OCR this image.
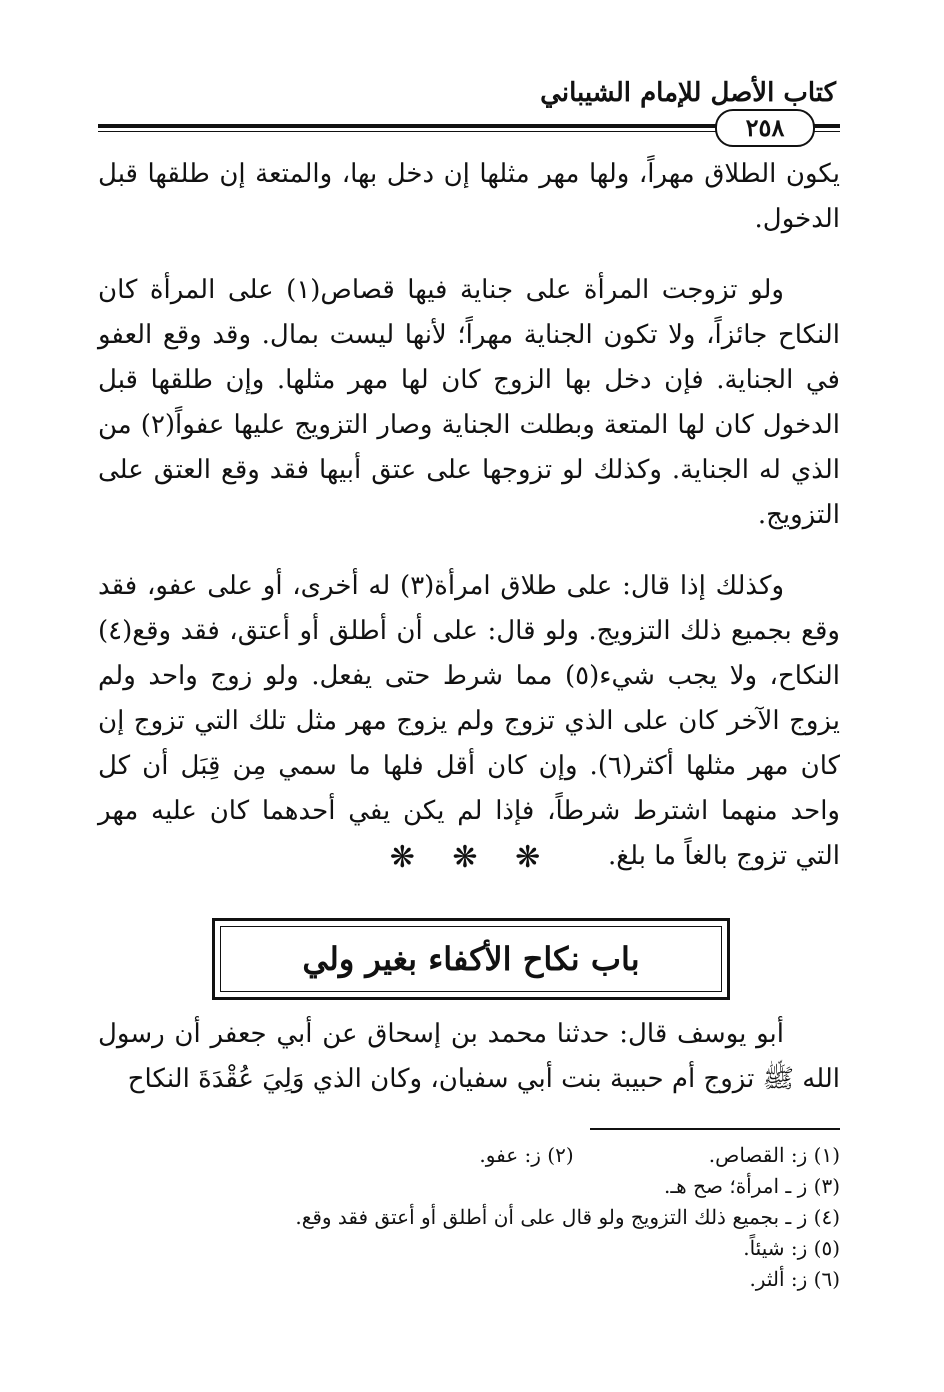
كتاب الأصل للإمام الشيباني
٢٥٨

يكون الطلاق مهراً، ولها مهر مثلها إن دخل بها، والمتعة إن طلقها قبل الدخول.

ولو تزوجت المرأة على جناية فيها قصاص(١) على المرأة كان النكاح جائزاً، ولا تكون الجناية مهراً؛ لأنها ليست بمال. وقد وقع العفو في الجناية. فإن دخل بها الزوج كان لها مهر مثلها. وإن طلقها قبل الدخول كان لها المتعة وبطلت الجناية وصار التزويج عليها عفواً(٢) من الذي له الجناية. وكذلك لو تزوجها على عتق أبيها فقد وقع العتق على التزويج.

وكذلك إذا قال: على طلاق امرأة(٣) له أخرى، أو على عفو، فقد وقع بجميع ذلك التزويج. ولو قال: على أن أطلق أو أعتق، فقد وقع(٤) النكاح، ولا يجب شيء(٥) مما شرط حتى يفعل. ولو زوج واحد ولم يزوج الآخر كان على الذي تزوج ولم يزوج مهر مثل تلك التي تزوج إن كان مهر مثلها أكثر(٦). وإن كان أقل فلها ما سمي مِن قِبَل أن كل واحد منهما اشترط شرطاً، فإذا لم يكن يفي أحدهما كان عليه مهر التي تزوج بالغاً ما بلغ.

❋ ❋ ❋
باب نكاح الأكفاء بغير ولي

أبو يوسف قال: حدثنا محمد بن إسحاق عن أبي جعفر أن رسول الله ﷺ تزوج أم حبيبة بنت أبي سفيان، وكان الذي وَلِيَ عُقْدَةَ النكاح

(١) ز: القصاص. (٢) ز: عفو.
(٣) ز ـ امرأة؛ صح هـ.
(٤) ز ـ بجميع ذلك التزويج ولو قال على أن أطلق أو أعتق فقد وقع.
(٥) ز: شيئاً.
(٦) ز: ألثر.
